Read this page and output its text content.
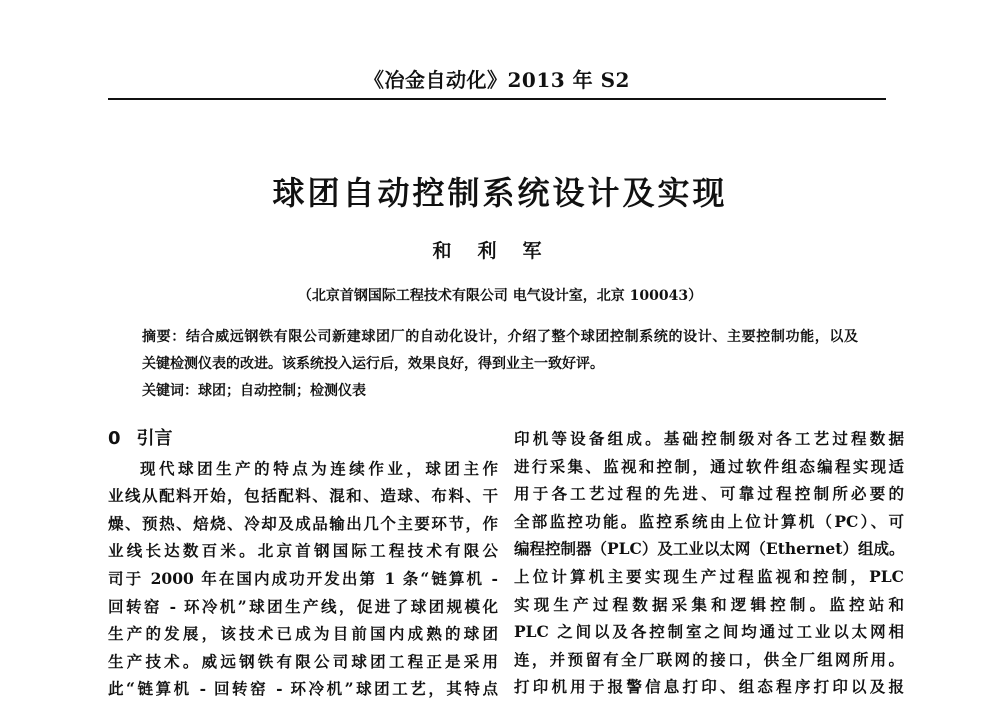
《冶金自动化》2013 年 S2
球团自动控制系统设计及实现
和利军
（北京首钢国际工程技术有限公司 电气设计室，北京 100043）
摘要：结合威远钢铁有限公司新建球团厂的自动化设计，介绍了整个球团控制系统的设计、主要控制功能，以及
关键检测仪表的改进。该系统投入运行后，效果良好，得到业主一致好评。
关键词：球团；自动控制；检测仪表
0 引言
现代球团生产的特点为连续作业，球团主作
业线从配料开始，包括配料、混和、造球、布料、干
燥、预热、焙烧、冷却及成品输出几个主要环节，作
业线长达数百米。北京首钢国际工程技术有限公
司于 2000 年在国内成功开发出第 1 条“链算机 -
回转窑 - 环冷机”球团生产线，促进了球团规模化
生产的发展，该技术已成为目前国内成熟的球团
生产技术。威远钢铁有限公司球团工程正是采用
此“链算机 - 回转窑 - 环冷机”球团工艺，其特点
印机等设备组成。基础控制级对各工艺过程数据
进行采集、监视和控制，通过软件组态编程实现适
用于各工艺过程的先进、可靠过程控制所必要的
全部监控功能。监控系统由上位计算机（PC）、可
编程控制器（PLC）及工业以太网（Ethernet）组成。
上位计算机主要实现生产过程监视和控制，PLC
实现生产过程数据采集和逻辑控制。监控站和
PLC 之间以及各控制室之间均通过工业以太网相
连，并预留有全厂联网的接口，供全厂组网所用。
打印机用于报警信息打印、组态程序打印以及报
